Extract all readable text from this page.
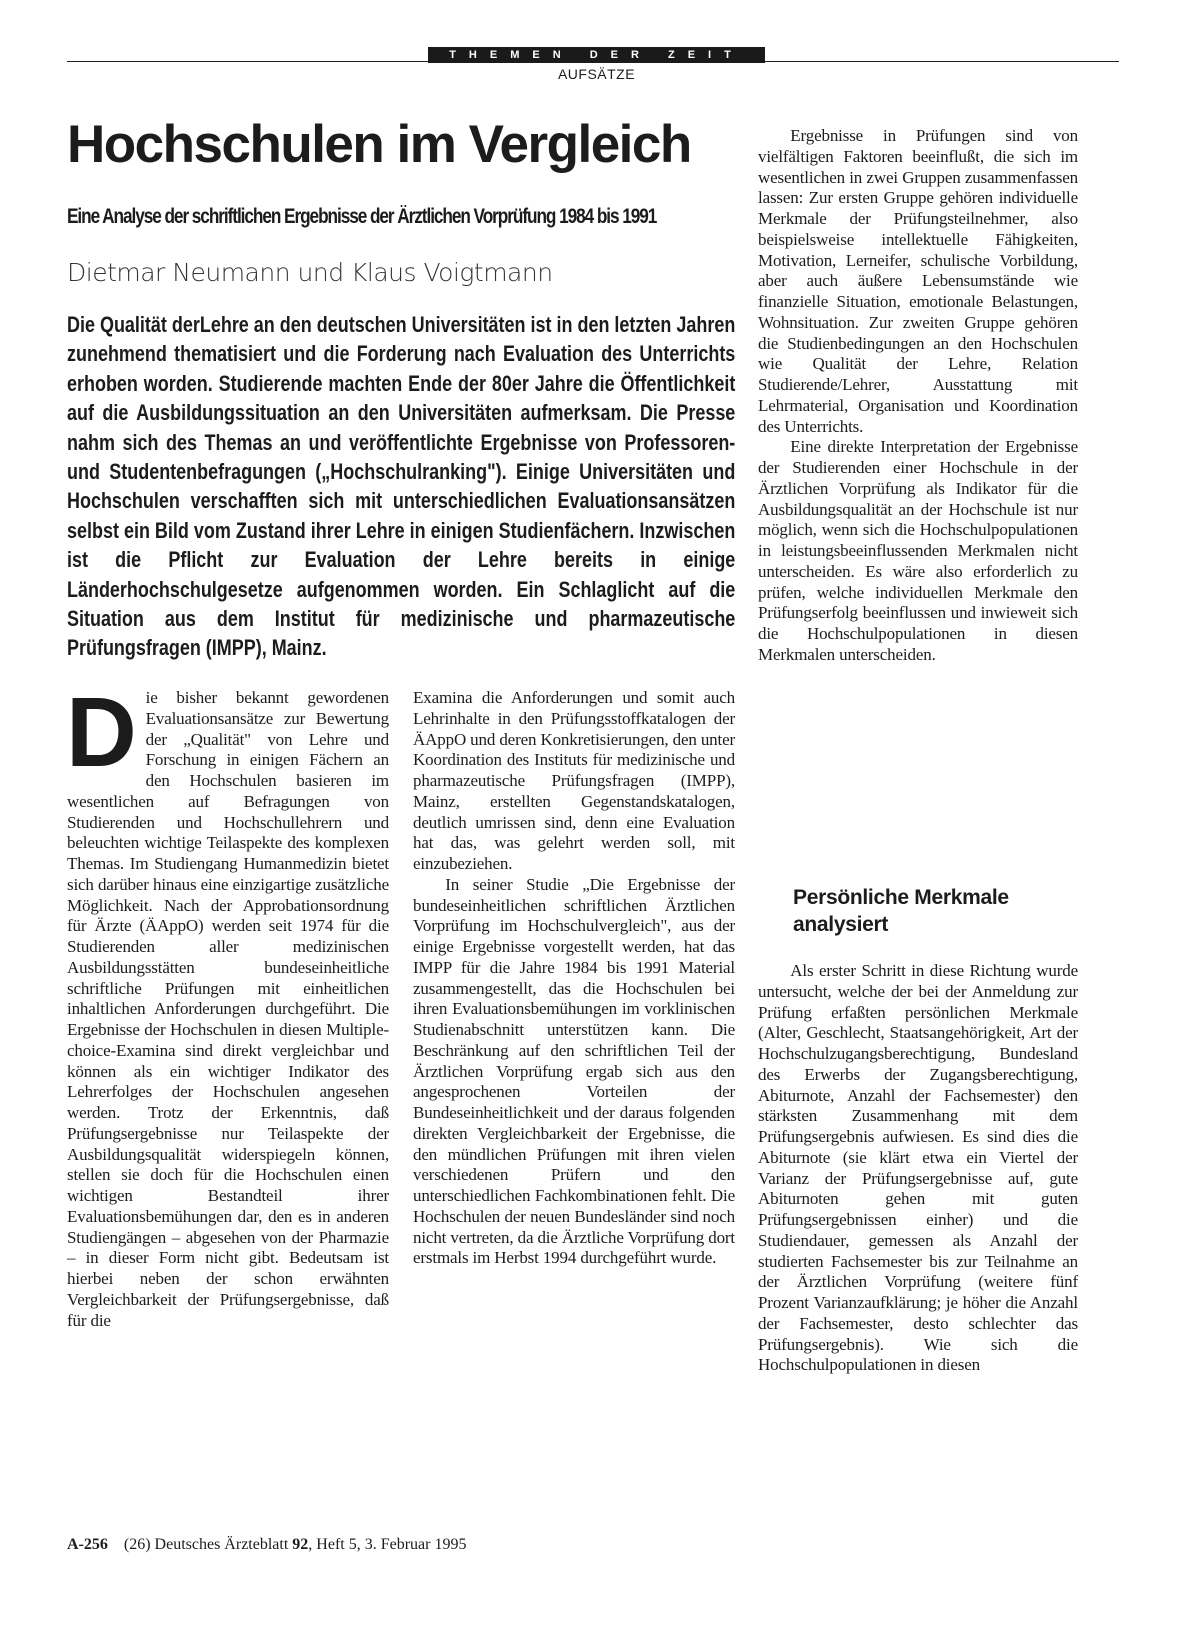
THEMEN DER ZEIT
AUFSÄTZE
Hochschulen im Vergleich
Eine Analyse der schriftlichen Ergebnisse der Ärztlichen Vorprüfung 1984 bis 1991
Dietmar Neumann und Klaus Voigtmann

Die Qualität derLehre an den deutschen Universitäten ist in den letzten Jahren zunehmend thematisiert und die Forderung nach Evaluation des Unterrichts erhoben worden. Studierende machten Ende der 80er Jahre die Öffentlichkeit auf die Ausbildungssituation an den Universitäten aufmerksam. Die Presse nahm sich des Themas an und veröffentlichte Ergebnisse von Professoren- und Studentenbefragungen („Hochschulranking"). Einige Universitäten und Hochschulen verschafften sich mit unterschiedlichen Evaluationsansätzen selbst ein Bild vom Zustand ihrer Lehre in einigen Studienfächern. Inzwischen ist die Pflicht zur Evaluation der Lehre bereits in einige Länderhochschulgesetze aufgenommen worden. Ein Schlaglicht auf die Situation aus dem Institut für medizinische und pharmazeutische Prüfungsfragen (IMPP), Mainz.

Die bisher bekannt gewordenen Evaluationsansätze zur Bewertung der „Qualität" von Lehre und Forschung in einigen Fächern an den Hochschulen basieren im wesentlichen auf Befragungen von Studierenden und Hochschullehrern und beleuchten wichtige Teilaspekte des komplexen Themas. Im Studiengang Humanmedizin bietet sich darüber hinaus eine einzigartige zusätzliche Möglichkeit. Nach der Approbationsordnung für Ärzte (ÄAppO) werden seit 1974 für die Studierenden aller medizinischen Ausbildungsstätten bundeseinheitliche schriftliche Prüfungen mit einheitlichen inhaltlichen Anforderungen durchgeführt. Die Ergebnisse der Hochschulen in diesen Multiple-choice-Examina sind direkt vergleichbar und können als ein wichtiger Indikator des Lehrerfolges der Hochschulen angesehen werden. Trotz der Erkenntnis, daß Prüfungsergebnisse nur Teilaspekte der Ausbildungsqualität widerspiegeln können, stellen sie doch für die Hochschulen einen wichtigen Bestandteil ihrer Evaluationsbemühungen dar, den es in anderen Studiengängen – abgesehen von der Pharmazie – in dieser Form nicht gibt. Bedeutsam ist hierbei neben der schon erwähnten Vergleichbarkeit der Prüfungsergebnisse, daß für die

Examina die Anforderungen und somit auch Lehrinhalte in den Prüfungsstoffkatalogen der ÄAppO und deren Konkretisierungen, den unter Koordination des Instituts für medizinische und pharmazeutische Prüfungsfragen (IMPP), Mainz, erstellten Gegenstandskatalogen, deutlich umrissen sind, denn eine Evaluation hat das, was gelehrt werden soll, mit einzubeziehen.

In seiner Studie „Die Ergebnisse der bundeseinheitlichen schriftlichen Ärztlichen Vorprüfung im Hochschulvergleich", aus der einige Ergebnisse vorgestellt werden, hat das IMPP für die Jahre 1984 bis 1991 Material zusammengestellt, das die Hochschulen bei ihren Evaluationsbemühungen im vorklinischen Studienabschnitt unterstützen kann. Die Beschränkung auf den schriftlichen Teil der Ärztlichen Vorprüfung ergab sich aus den angesprochenen Vorteilen der Bundeseinheitlichkeit und der daraus folgenden direkten Vergleichbarkeit der Ergebnisse, die den mündlichen Prüfungen mit ihren vielen verschiedenen Prüfern und den unterschiedlichen Fachkombinationen fehlt. Die Hochschulen der neuen Bundesländer sind noch nicht vertreten, da die Ärztliche Vorprüfung dort erstmals im Herbst 1994 durchgeführt wurde.

Ergebnisse in Prüfungen sind von vielfältigen Faktoren beeinflußt, die sich im wesentlichen in zwei Gruppen zusammenfassen lassen: Zur ersten Gruppe gehören individuelle Merkmale der Prüfungsteilnehmer, also beispielsweise intellektuelle Fähigkeiten, Motivation, Lerneifer, schulische Vorbildung, aber auch äußere Lebensumstände wie finanzielle Situation, emotionale Belastungen, Wohnsituation. Zur zweiten Gruppe gehören die Studienbedingungen an den Hochschulen wie Qualität der Lehre, Relation Studierende/Lehrer, Ausstattung mit Lehrmaterial, Organisation und Koordination des Unterrichts.

Eine direkte Interpretation der Ergebnisse der Studierenden einer Hochschule in der Ärztlichen Vorprüfung als Indikator für die Ausbildungsqualität an der Hochschule ist nur möglich, wenn sich die Hochschulpopulationen in leistungsbeeinflussenden Merkmalen nicht unterscheiden. Es wäre also erforderlich zu prüfen, welche individuellen Merkmale den Prüfungserfolg beeinflussen und inwieweit sich die Hochschulpopulationen in diesen Merkmalen unterscheiden.

Persönliche Merkmale analysiert

Als erster Schritt in diese Richtung wurde untersucht, welche der bei der Anmeldung zur Prüfung erfaßten persönlichen Merkmale (Alter, Geschlecht, Staatsangehörigkeit, Art der Hochschulzugangsberechtigung, Bundesland des Erwerbs der Zugangsberechtigung, Abiturnote, Anzahl der Fachsemester) den stärksten Zusammenhang mit dem Prüfungsergebnis aufwiesen. Es sind dies die Abiturnote (sie klärt etwa ein Viertel der Varianz der Prüfungsergebnisse auf, gute Abiturnoten gehen mit guten Prüfungsergebnissen einher) und die Studiendauer, gemessen als Anzahl der studierten Fachsemester bis zur Teilnahme an der Ärztlichen Vorprüfung (weitere fünf Prozent Varianzaufklärung; je höher die Anzahl der Fachsemester, desto schlechter das Prüfungsergebnis). Wie sich die Hochschulpopulationen in diesen

A-256 (26) Deutsches Ärzteblatt 92, Heft 5, 3. Februar 1995
